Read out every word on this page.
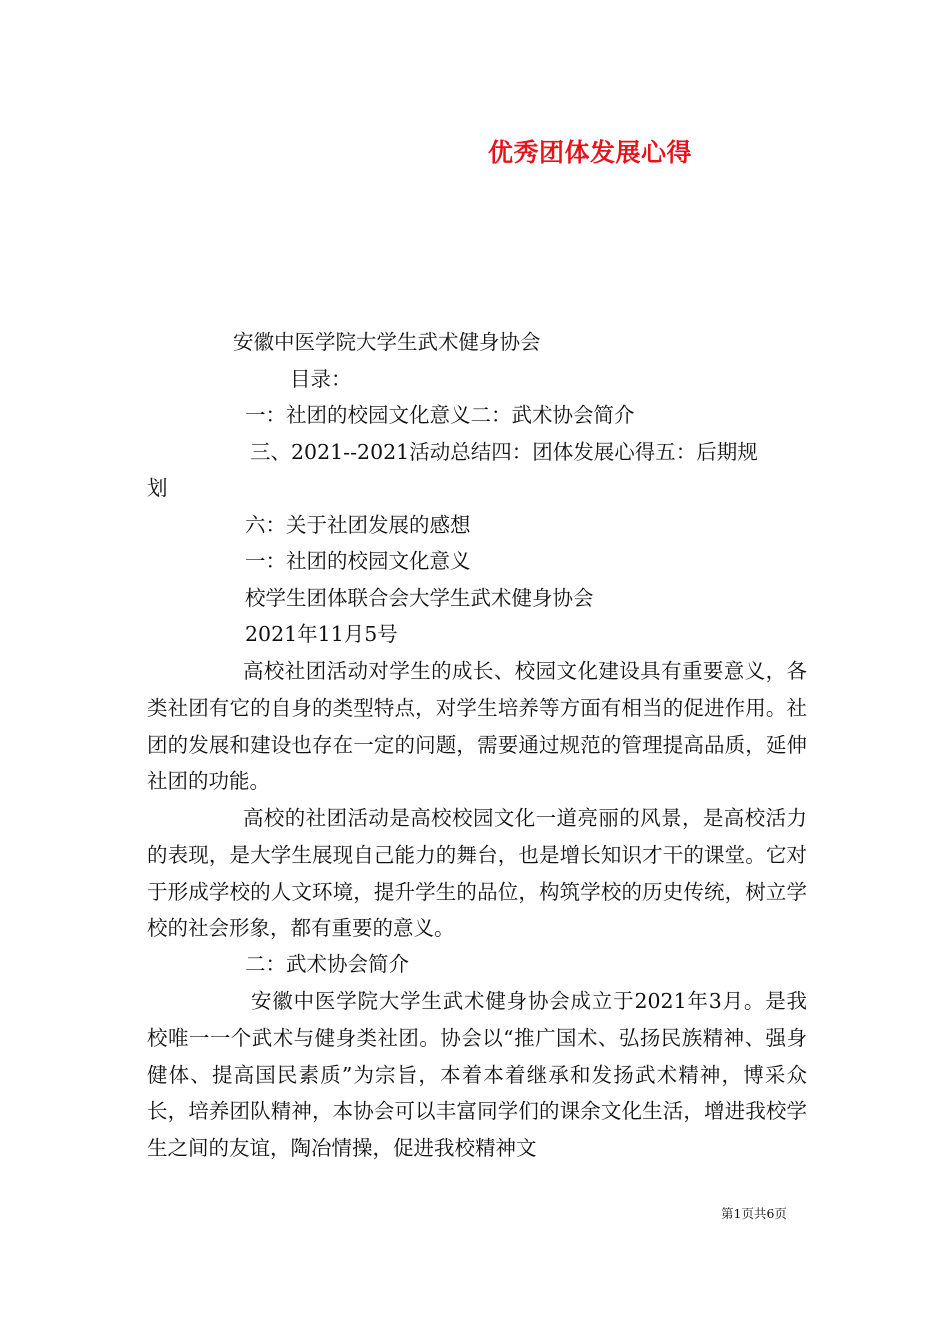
优秀团体发展心得
安徽中医学院大学生武术健身协会
目录：
一：社团的校园文化意义二：武术协会简介
三、2021--2021活动总结四：团体发展心得五：后期规
划
六：关于社团发展的感想
一：社团的校园文化意义
校学生团体联合会大学生武术健身协会
2021年11月5号

高校社团活动对学生的成长、校园文化建设具有重要意义，各类社团有它的自身的类型特点，对学生培养等方面有相当的促进作用。社团的发展和建设也存在一定的问题，需要通过规范的管理提高品质，延伸社团的功能。

高校的社团活动是高校校园文化一道亮丽的风景，是高校活力的表现，是大学生展现自己能力的舞台，也是增长知识才干的课堂。它对于形成学校的人文环境，提升学生的品位，构筑学校的历史传统，树立学校的社会形象，都有重要的意义。

二：武术协会简介

安徽中医学院大学生武术健身协会成立于2021年3月。是我校唯一一个武术与健身类社团。协会以“推广国术、弘扬民族精神、强身健体、提高国民素质”为宗旨，本着本着继承和发扬武术精神，博采众长，培养团队精神，本协会可以丰富同学们的课余文化生活，增进我校学生之间的友谊，陶冶情操，促进我校精神文

第1页共6页
